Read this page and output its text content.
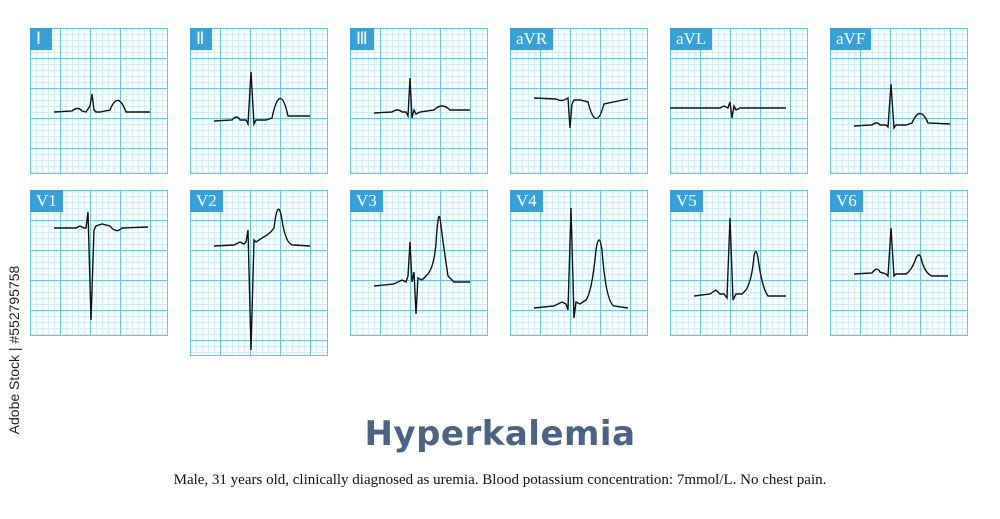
Ⅰ	Ⅱ	Ⅲ	aVR	aVL	aVF
V1	V2	V3	V4	V5	V6
Hyperkalemia
Male, 31 years old, clinically diagnosed as uremia. Blood potassium concentration: 7mmol/L. No chest pain.
Adobe Stock | #552795758
